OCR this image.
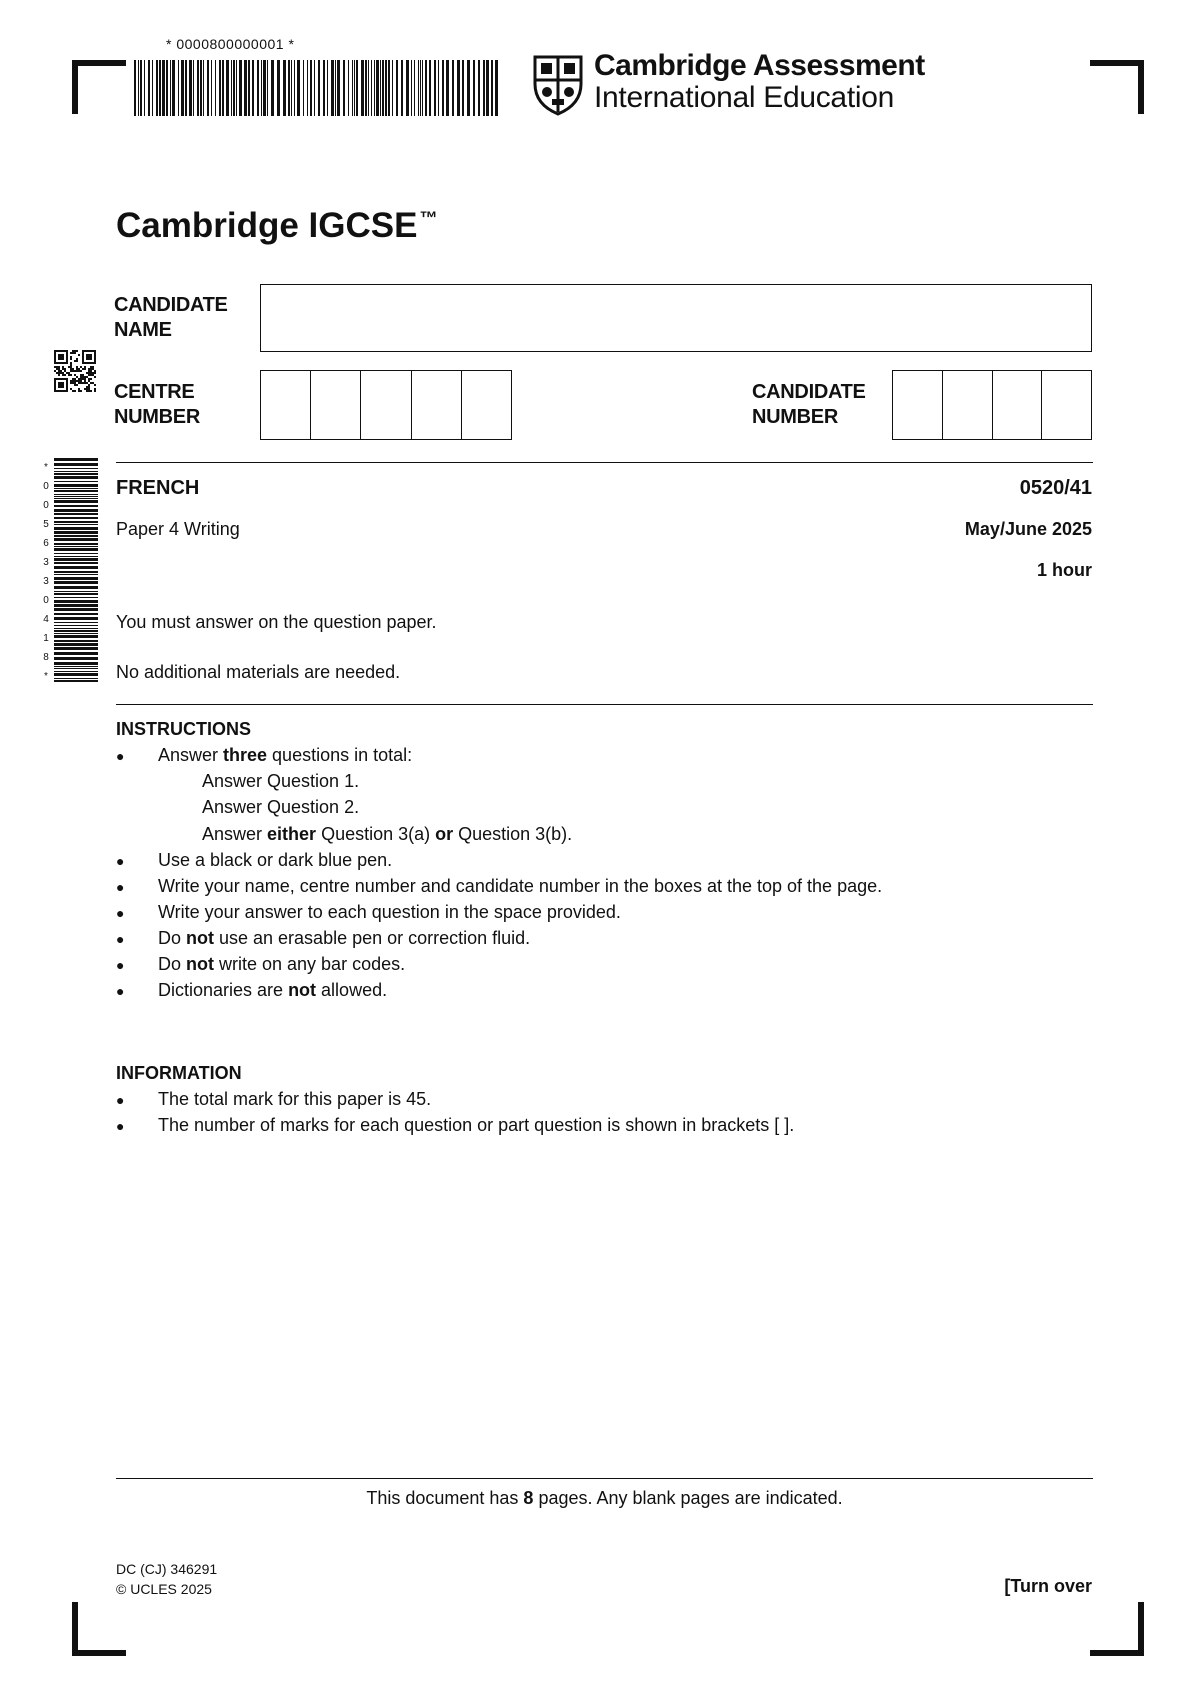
* 0000800000001 *
*
0
0
5
6
3
3
0
4
1
8
*
Cambridge Assessment
International Education
Cambridge IGCSE ™
CANDIDATE
NAME
CENTRE
NUMBER
CANDIDATE
NUMBER
FRENCH	0520/41
Paper 4 Writing	May/June 2025
1 hour
You must answer on the question paper.
No additional materials are needed.
INSTRUCTIONS
● Answer three questions in total:
Answer Question 1.
Answer Question 2.
Answer either Question 3(a) or Question 3(b).
● Use a black or dark blue pen.
● Write your name, centre number and candidate number in the boxes at the top of the page.
● Write your answer to each question in the space provided.
● Do not use an erasable pen or correction fluid.
● Do not write on any bar codes.
● Dictionaries are not allowed.
INFORMATION
● The total mark for this paper is 45.
● The number of marks for each question or part question is shown in brackets [ ].
This document has 8 pages. Any blank pages are indicated.
DC (CJ) 346291
© UCLES 2025	[Turn over
